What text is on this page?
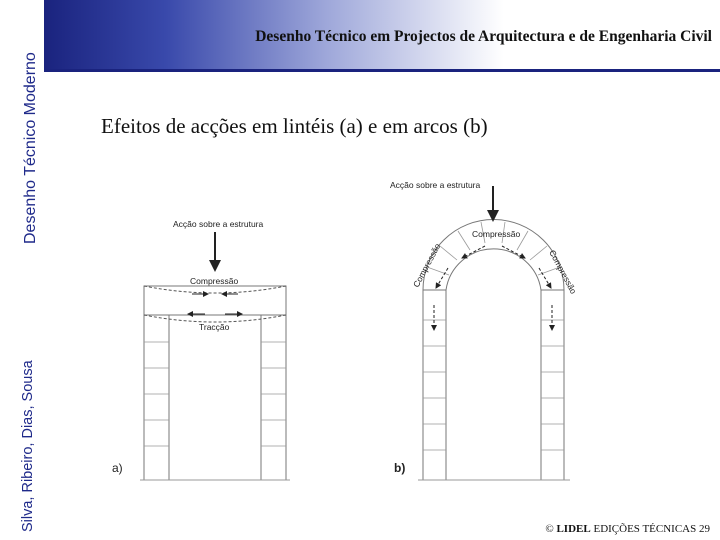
Desenho Técnico Moderno
Silva, Ribeiro, Dias, Sousa
Desenho Técnico em Projectos de Arquitectura e de Engenharia Civil
Efeitos de acções em lintéis (a) e em arcos (b)
Acção sobre a estrutura
Compressão
Tracção
a)
Acção sobre a estrutura
Compressão
Compressão	Compressão
b)
© LIDEL EDIÇÕES TÉCNICAS 29
